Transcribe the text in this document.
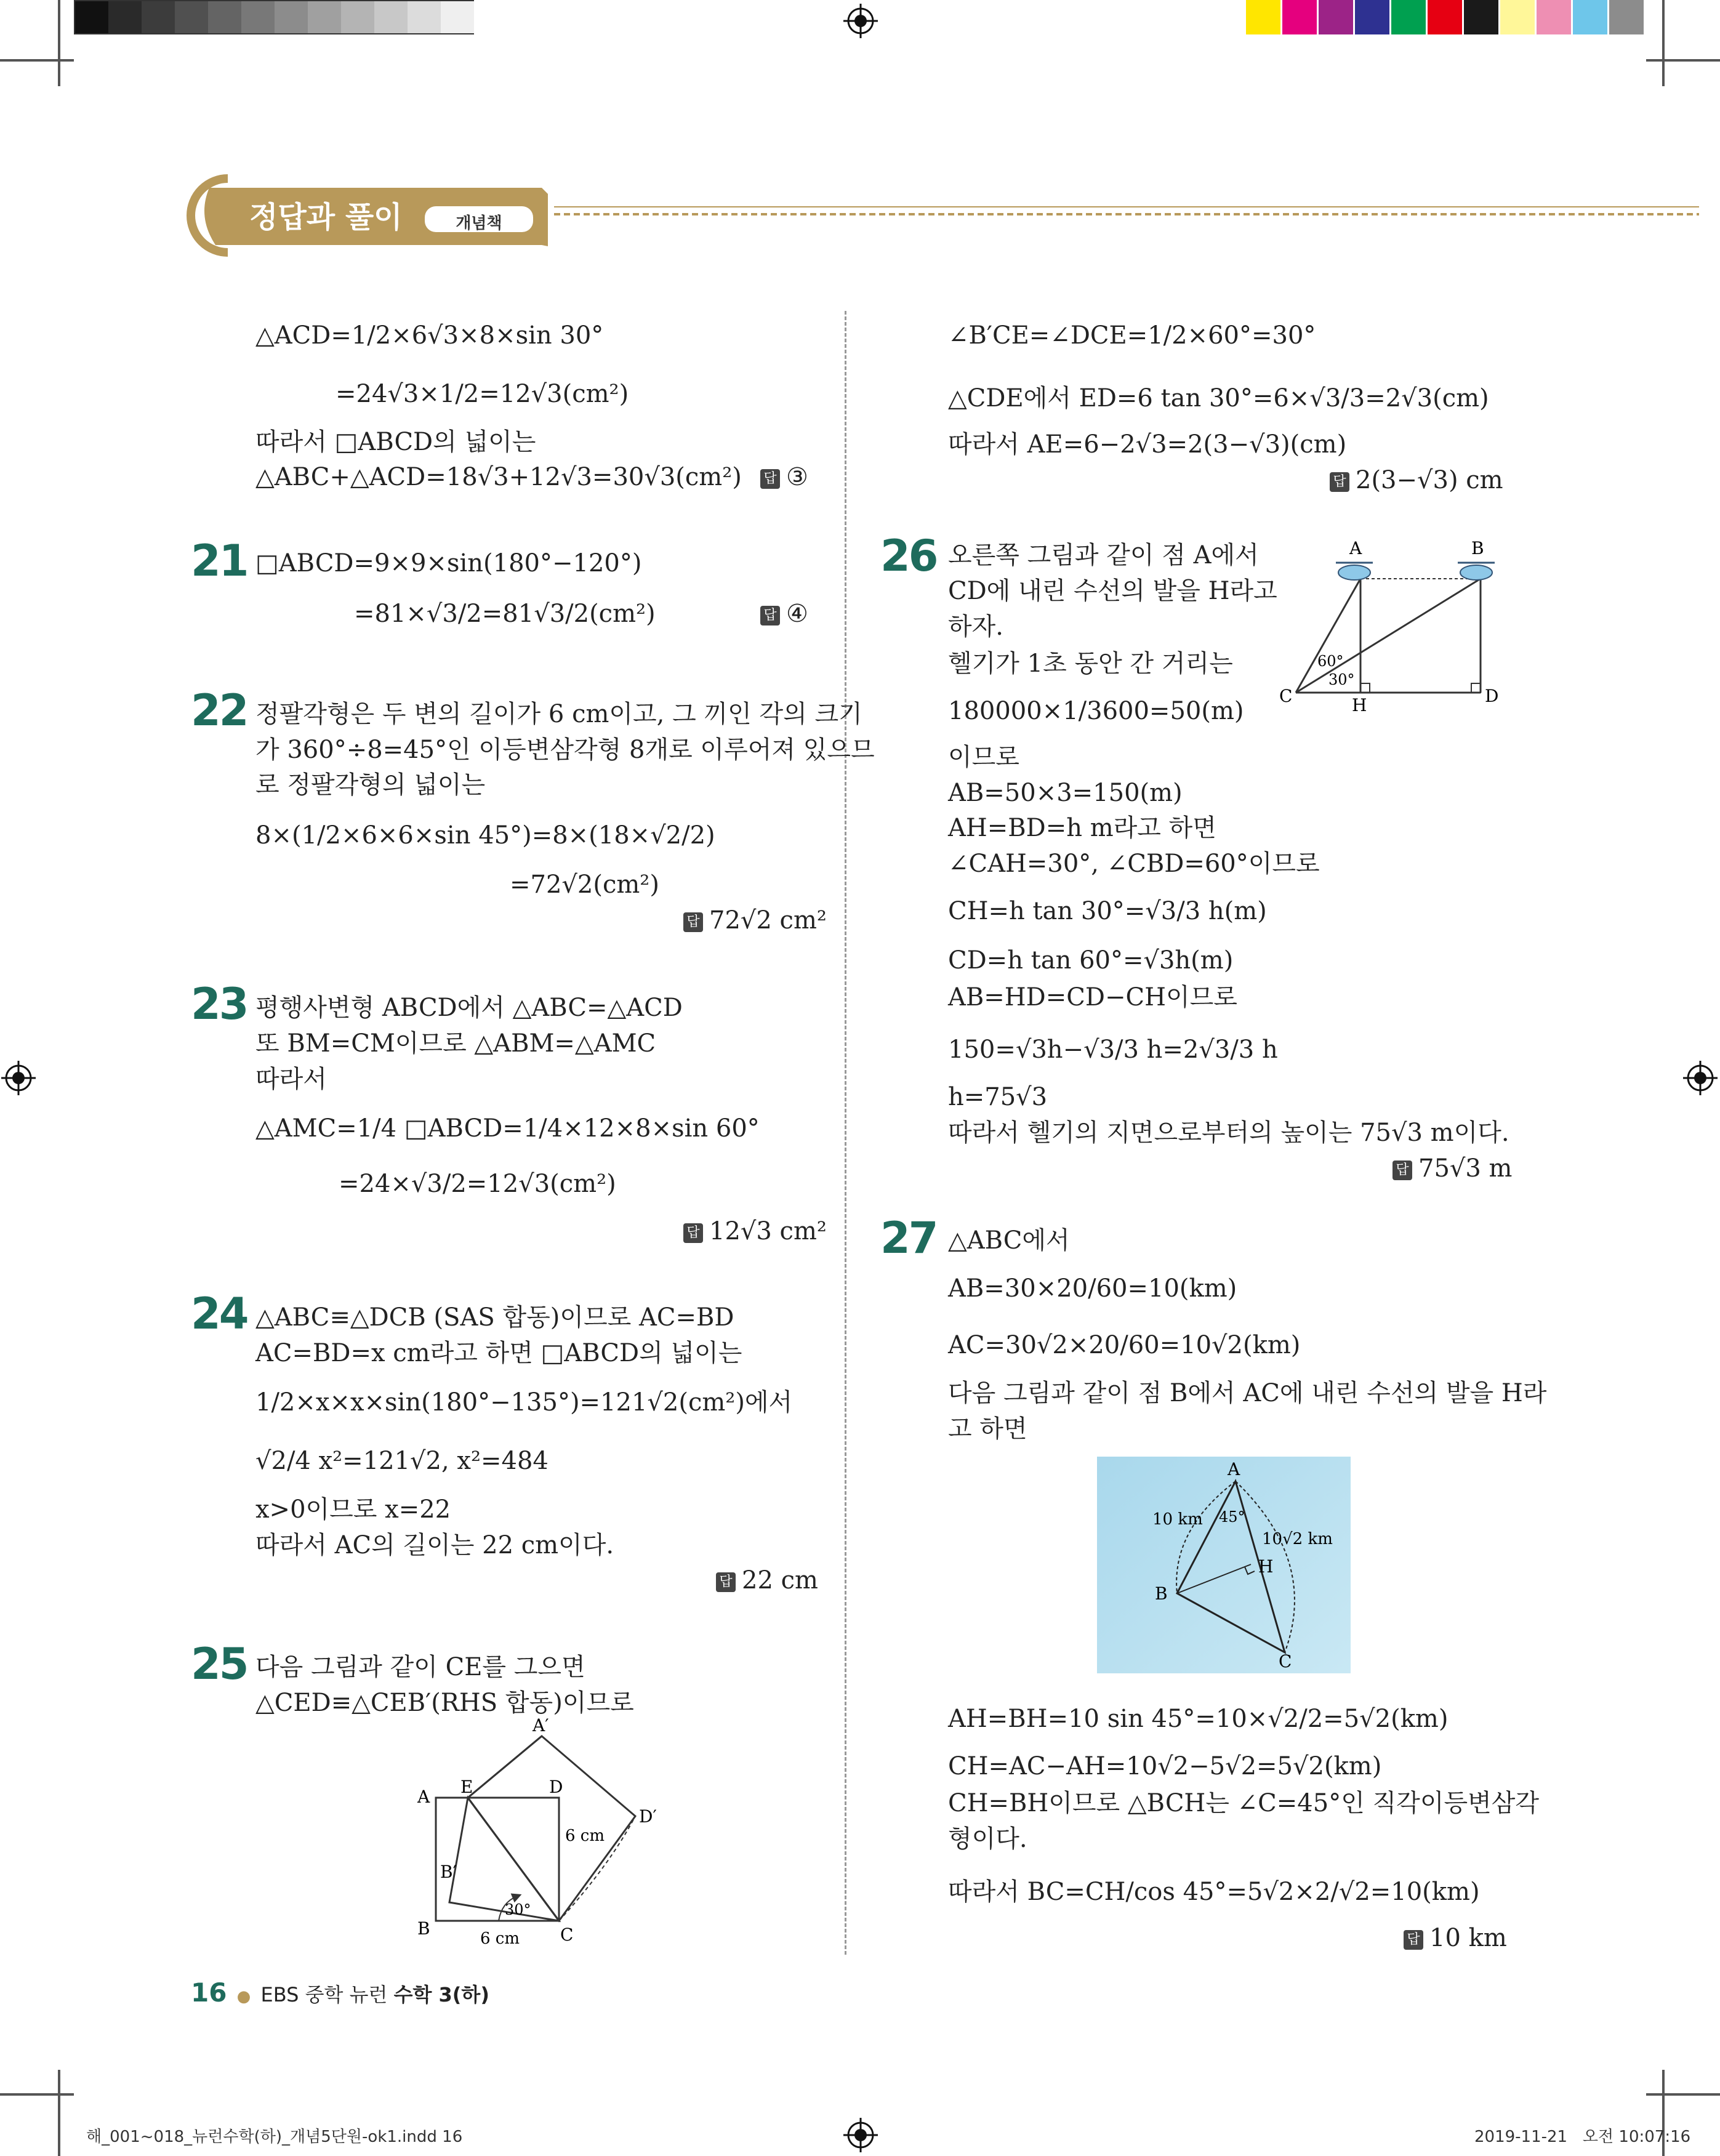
정답과 풀이	개념책
△ACD=1/2×6√3×8×sin 30°
=24√3×1/2=12√3(cm²)
따라서 □ABCD의 넓이는
△ABC+△ACD=18√3+12√3=30√3(cm²)
□ABCD=9×9×sin(180°−120°)
=81×√3/2=81√3/2(cm²)
정팔각형은 두 변의 길이가 6 cm이고, 그 끼인 각의 크기
가 360°÷8=45°인 이등변삼각형 8개로 이루어져 있으므
로 정팔각형의 넓이는
8×(1/2×6×6×sin 45°)=8×(18×√2/2)
=72√2(cm²)
평행사변형 ABCD에서 △ABC=△ACD
또 BM=CM이므로 △ABM=△AMC
따라서
△AMC=1/4 □ABCD=1/4×12×8×sin 60°
=24×√3/2=12√3(cm²)
△ABC≡△DCB (SAS 합동)이므로 AC=BD
AC=BD=x cm라고 하면 □ABCD의 넓이는
1/2×x×x×sin(180°−135°)=121√2(cm²)에서
√2/4 x²=121√2, x²=484
x>0이므로 x=22
따라서 AC의 길이는 22 cm이다.
다음 그림과 같이 CE를 그으면
△CED≡△CEB′(RHS 합동)이므로
∠B′CE=∠DCE=1/2×60°=30°
△CDE에서 ED=6 tan 30°=6×√3/3=2√3(cm)
따라서 AE=6−2√3=2(3−√3)(cm)
오른쪽 그림과 같이 점 A에서
CD에 내린 수선의 발을 H라고
하자.
헬기가 1초 동안 간 거리는
180000×1/3600=50(m)
이므로
AB=50×3=150(m)
AH=BD=h m라고 하면
∠CAH=30°, ∠CBD=60°이므로
CH=h tan 30°=√3/3 h(m)
CD=h tan 60°=√3h(m)
AB=HD=CD−CH이므로
150=√3h−√3/3 h=2√3/3 h
h=75√3
따라서 헬기의 지면으로부터의 높이는 75√3 m이다.
△ABC에서
AB=30×20/60=10(km)
AC=30√2×20/60=10√2(km)
다음 그림과 같이 점 B에서 AC에 내린 수선의 발을 H라
고 하면
AH=BH=10 sin 45°=10×√2/2=5√2(km)
CH=AC−AH=10√2−5√2=5√2(km)
CH=BH이므로 △BCH는 ∠C=45°인 직각이등변삼각
형이다.
따라서 BC=CH/cos 45°=5√2×2/√2=10(km)
21
22
23
24
25
26
27
답 ③
답 ④
답 72√2 cm²
답 12√3 cm²
답 22 cm
답 2(3−√3) cm
답 75√3 m
답 10 km
A′
A E	D
D′
B′
6 cm
30°
B	6 cm C
A	B
60°
30°
C	H	D
A
10 km 45°
10√2 km
H
B
C
16 ● EBS 중학 뉴런 수학 3(하)
해_001~018_뉴런수학(하)_개념5단원-ok1.indd 16	2019-11-21 오전 10:07:16
